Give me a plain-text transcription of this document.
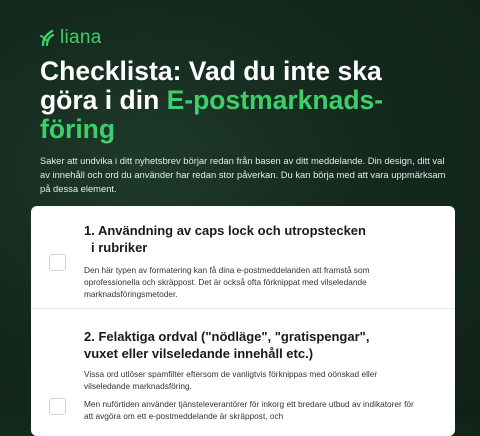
liana
Checklista: Vad du inte ska
göra i din E-postmarknads-
föring

Saker att undvika i ditt nyhetsbrev börjar redan från basen av ditt meddelande. Din design, ditt val av innehåll och ord du använder har redan stor påverkan. Du kan börja med att vara uppmärksam på dessa element.

1. Användning av caps lock och utropstecken
i rubriker

Den här typen av formatering kan få dina e-postmeddelanden att framstå som oprofessionella och skräppost. Det är också ofta förknippat med vilseledande marknadsföringsmetoder.

2. Felaktiga ordval ("nödläge", "gratispengar",
vuxet eller vilseledande innehåll etc.)

Vissa ord utlöser spamfilter eftersom de vanligtvis förknippas med oönskad eller vilseledande marknadsföring.

Men nuförtiden använder tjänsteleverantörer för inkorg ett bredare utbud av indikatorer för att avgöra om ett e-postmeddelande är skräppost, och
